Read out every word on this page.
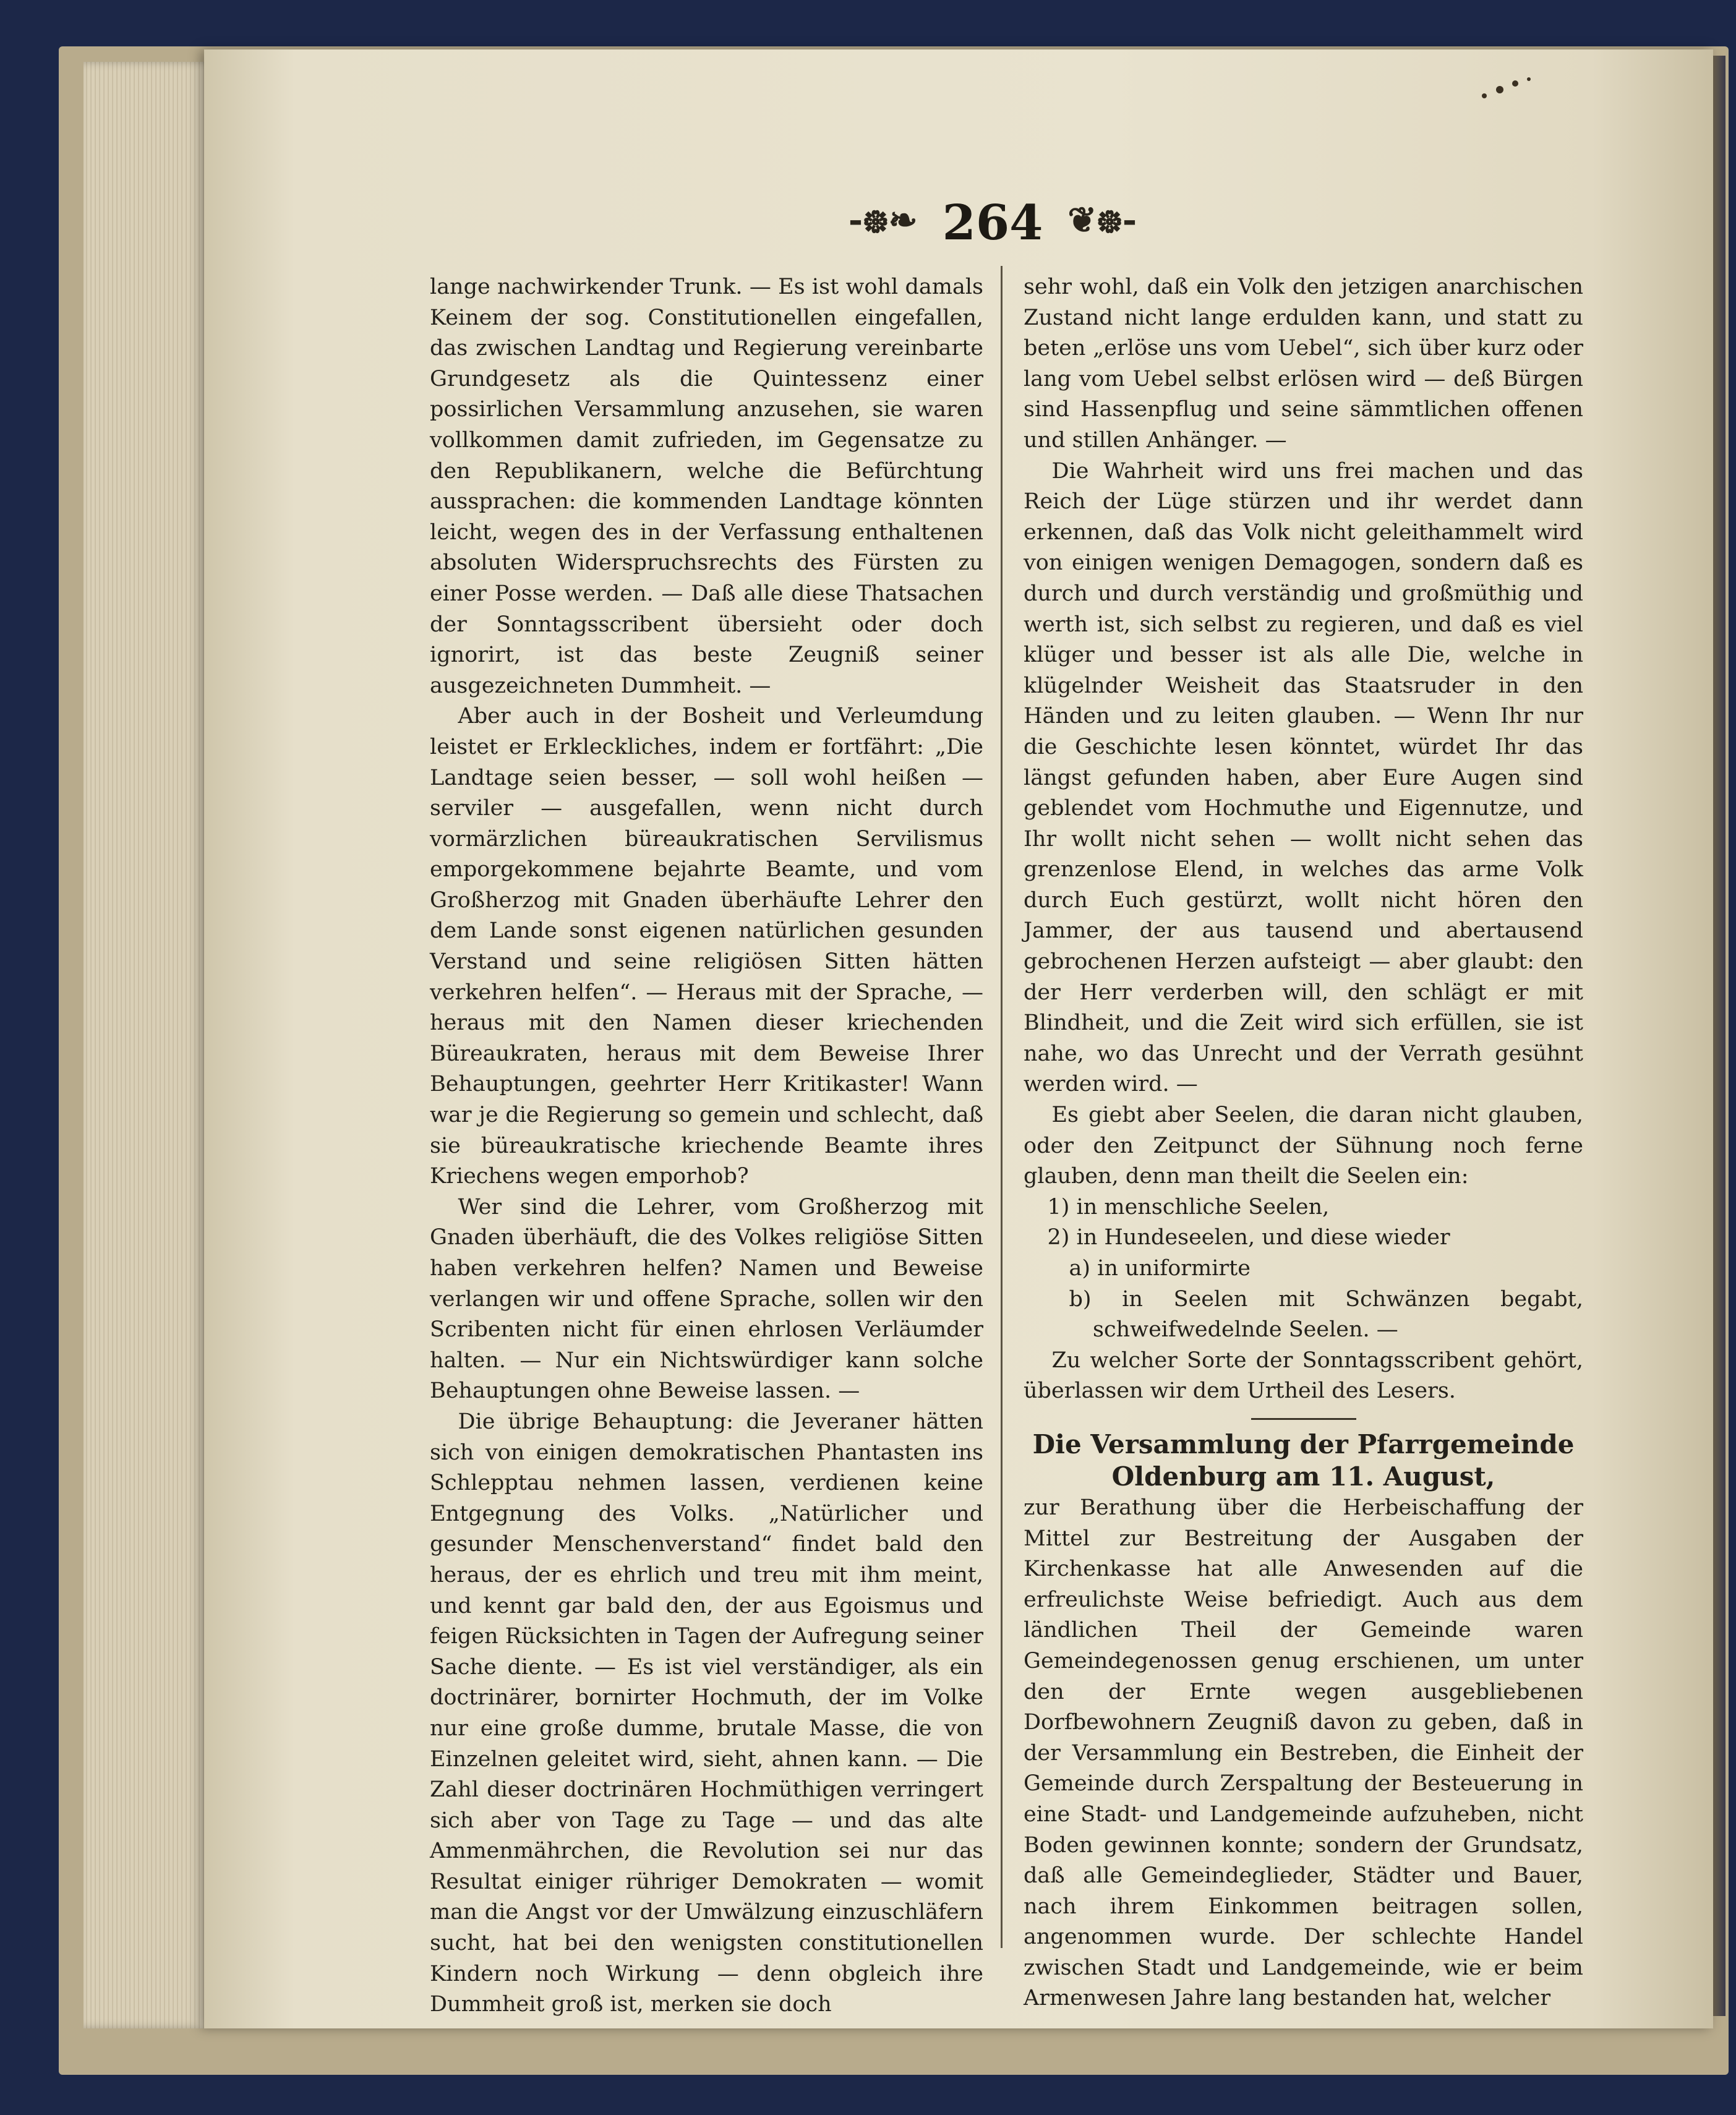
-᪥❧ 264 ❦᪥-

lange nachwirkender Trunk. — Es ist wohl damals Keinem der sog. Constitutionellen eingefallen, das zwischen Landtag und Regierung vereinbarte Grundgesetz als die Quintessenz einer possirlichen Versammlung anzusehen, sie waren vollkommen damit zufrieden, im Gegensatze zu den Republikanern, welche die Befürchtung aussprachen: die kommenden Landtage könnten leicht, wegen des in der Verfassung enthaltenen absoluten Widerspruchsrechts des Fürsten zu einer Posse werden. — Daß alle diese Thatsachen der Sonntagsscribent übersieht oder doch ignorirt, ist das beste Zeugniß seiner ausgezeichneten Dummheit. —

Aber auch in der Bosheit und Verleumdung leistet er Erkleckliches, indem er fortfährt: „Die Landtage seien besser, — soll wohl heißen — serviler — ausgefallen, wenn nicht durch vormärzlichen büreaukratischen Servilismus emporgekommene bejahrte Beamte, und vom Großherzog mit Gnaden überhäufte Lehrer den dem Lande sonst eigenen natürlichen gesunden Verstand und seine religiösen Sitten hätten verkehren helfen“. — Heraus mit der Sprache, — heraus mit den Namen dieser kriechenden Büreaukraten, heraus mit dem Beweise Ihrer Behauptungen, geehrter Herr Kritikaster! Wann war je die Regierung so gemein und schlecht, daß sie büreaukratische kriechende Beamte ihres Kriechens wegen emporhob?

Wer sind die Lehrer, vom Großherzog mit Gnaden überhäuft, die des Volkes religiöse Sitten haben verkehren helfen? Namen und Beweise verlangen wir und offene Sprache, sollen wir den Scribenten nicht für einen ehrlosen Verläumder halten. — Nur ein Nichtswürdiger kann solche Behauptungen ohne Beweise lassen. —

Die übrige Behauptung: die Jeveraner hätten sich von einigen demokratischen Phantasten ins Schlepptau nehmen lassen, verdienen keine Entgegnung des Volks. „Natürlicher und gesunder Menschenverstand“ findet bald den heraus, der es ehrlich und treu mit ihm meint, und kennt gar bald den, der aus Egoismus und feigen Rücksichten in Tagen der Aufregung seiner Sache diente. — Es ist viel verständiger, als ein doctrinärer, bornirter Hochmuth, der im Volke nur eine große dumme, brutale Masse, die von Einzelnen geleitet wird, sieht, ahnen kann. — Die Zahl dieser doctrinären Hochmüthigen verringert sich aber von Tage zu Tage — und das alte Ammenmährchen, die Revolution sei nur das Resultat einiger rühriger Demokraten — womit man die Angst vor der Umwälzung einzuschläfern sucht, hat bei den wenigsten constitutionellen Kindern noch Wirkung — denn obgleich ihre Dummheit groß ist, merken sie doch

sehr wohl, daß ein Volk den jetzigen anarchischen Zustand nicht lange erdulden kann, und statt zu beten „erlöse uns vom Uebel“, sich über kurz oder lang vom Uebel selbst erlösen wird — deß Bürgen sind Hassenpflug und seine sämmtlichen offenen und stillen Anhänger. —

Die Wahrheit wird uns frei machen und das Reich der Lüge stürzen und ihr werdet dann erkennen, daß das Volk nicht geleithammelt wird von einigen wenigen Demagogen, sondern daß es durch und durch verständig und großmüthig und werth ist, sich selbst zu regieren, und daß es viel klüger und besser ist als alle Die, welche in klügelnder Weisheit das Staatsruder in den Händen und zu leiten glauben. — Wenn Ihr nur die Geschichte lesen könntet, würdet Ihr das längst gefunden haben, aber Eure Augen sind geblendet vom Hochmuthe und Eigennutze, und Ihr wollt nicht sehen — wollt nicht sehen das grenzenlose Elend, in welches das arme Volk durch Euch gestürzt, wollt nicht hören den Jammer, der aus tausend und abertausend gebrochenen Herzen aufsteigt — aber glaubt: den der Herr verderben will, den schlägt er mit Blindheit, und die Zeit wird sich erfüllen, sie ist nahe, wo das Unrecht und der Verrath gesühnt werden wird. —

Es giebt aber Seelen, die daran nicht glauben, oder den Zeitpunct der Sühnung noch ferne glauben, denn man theilt die Seelen ein:

1) in menschliche Seelen,

2) in Hundeseelen, und diese wieder

a) in uniformirte

b) in Seelen mit Schwänzen begabt, schweifwedelnde Seelen. —

Zu welcher Sorte der Sonntagsscribent gehört, überlassen wir dem Urtheil des Lesers.

Die Versammlung der Pfarrgemeinde Oldenburg am 11. August,

zur Berathung über die Herbeischaffung der Mittel zur Bestreitung der Ausgaben der Kirchenkasse hat alle Anwesenden auf die erfreulichste Weise befriedigt. Auch aus dem ländlichen Theil der Gemeinde waren Gemeindegenossen genug erschienen, um unter den der Ernte wegen ausgebliebenen Dorfbewohnern Zeugniß davon zu geben, daß in der Versammlung ein Bestreben, die Einheit der Gemeinde durch Zerspaltung der Besteuerung in eine Stadt- und Landgemeinde aufzuheben, nicht Boden gewinnen konnte; sondern der Grundsatz, daß alle Gemeindeglieder, Städter und Bauer, nach ihrem Einkommen beitragen sollen, angenommen wurde. Der schlechte Handel zwischen Stadt und Landgemeinde, wie er beim Armenwesen Jahre lang bestanden hat, welcher
